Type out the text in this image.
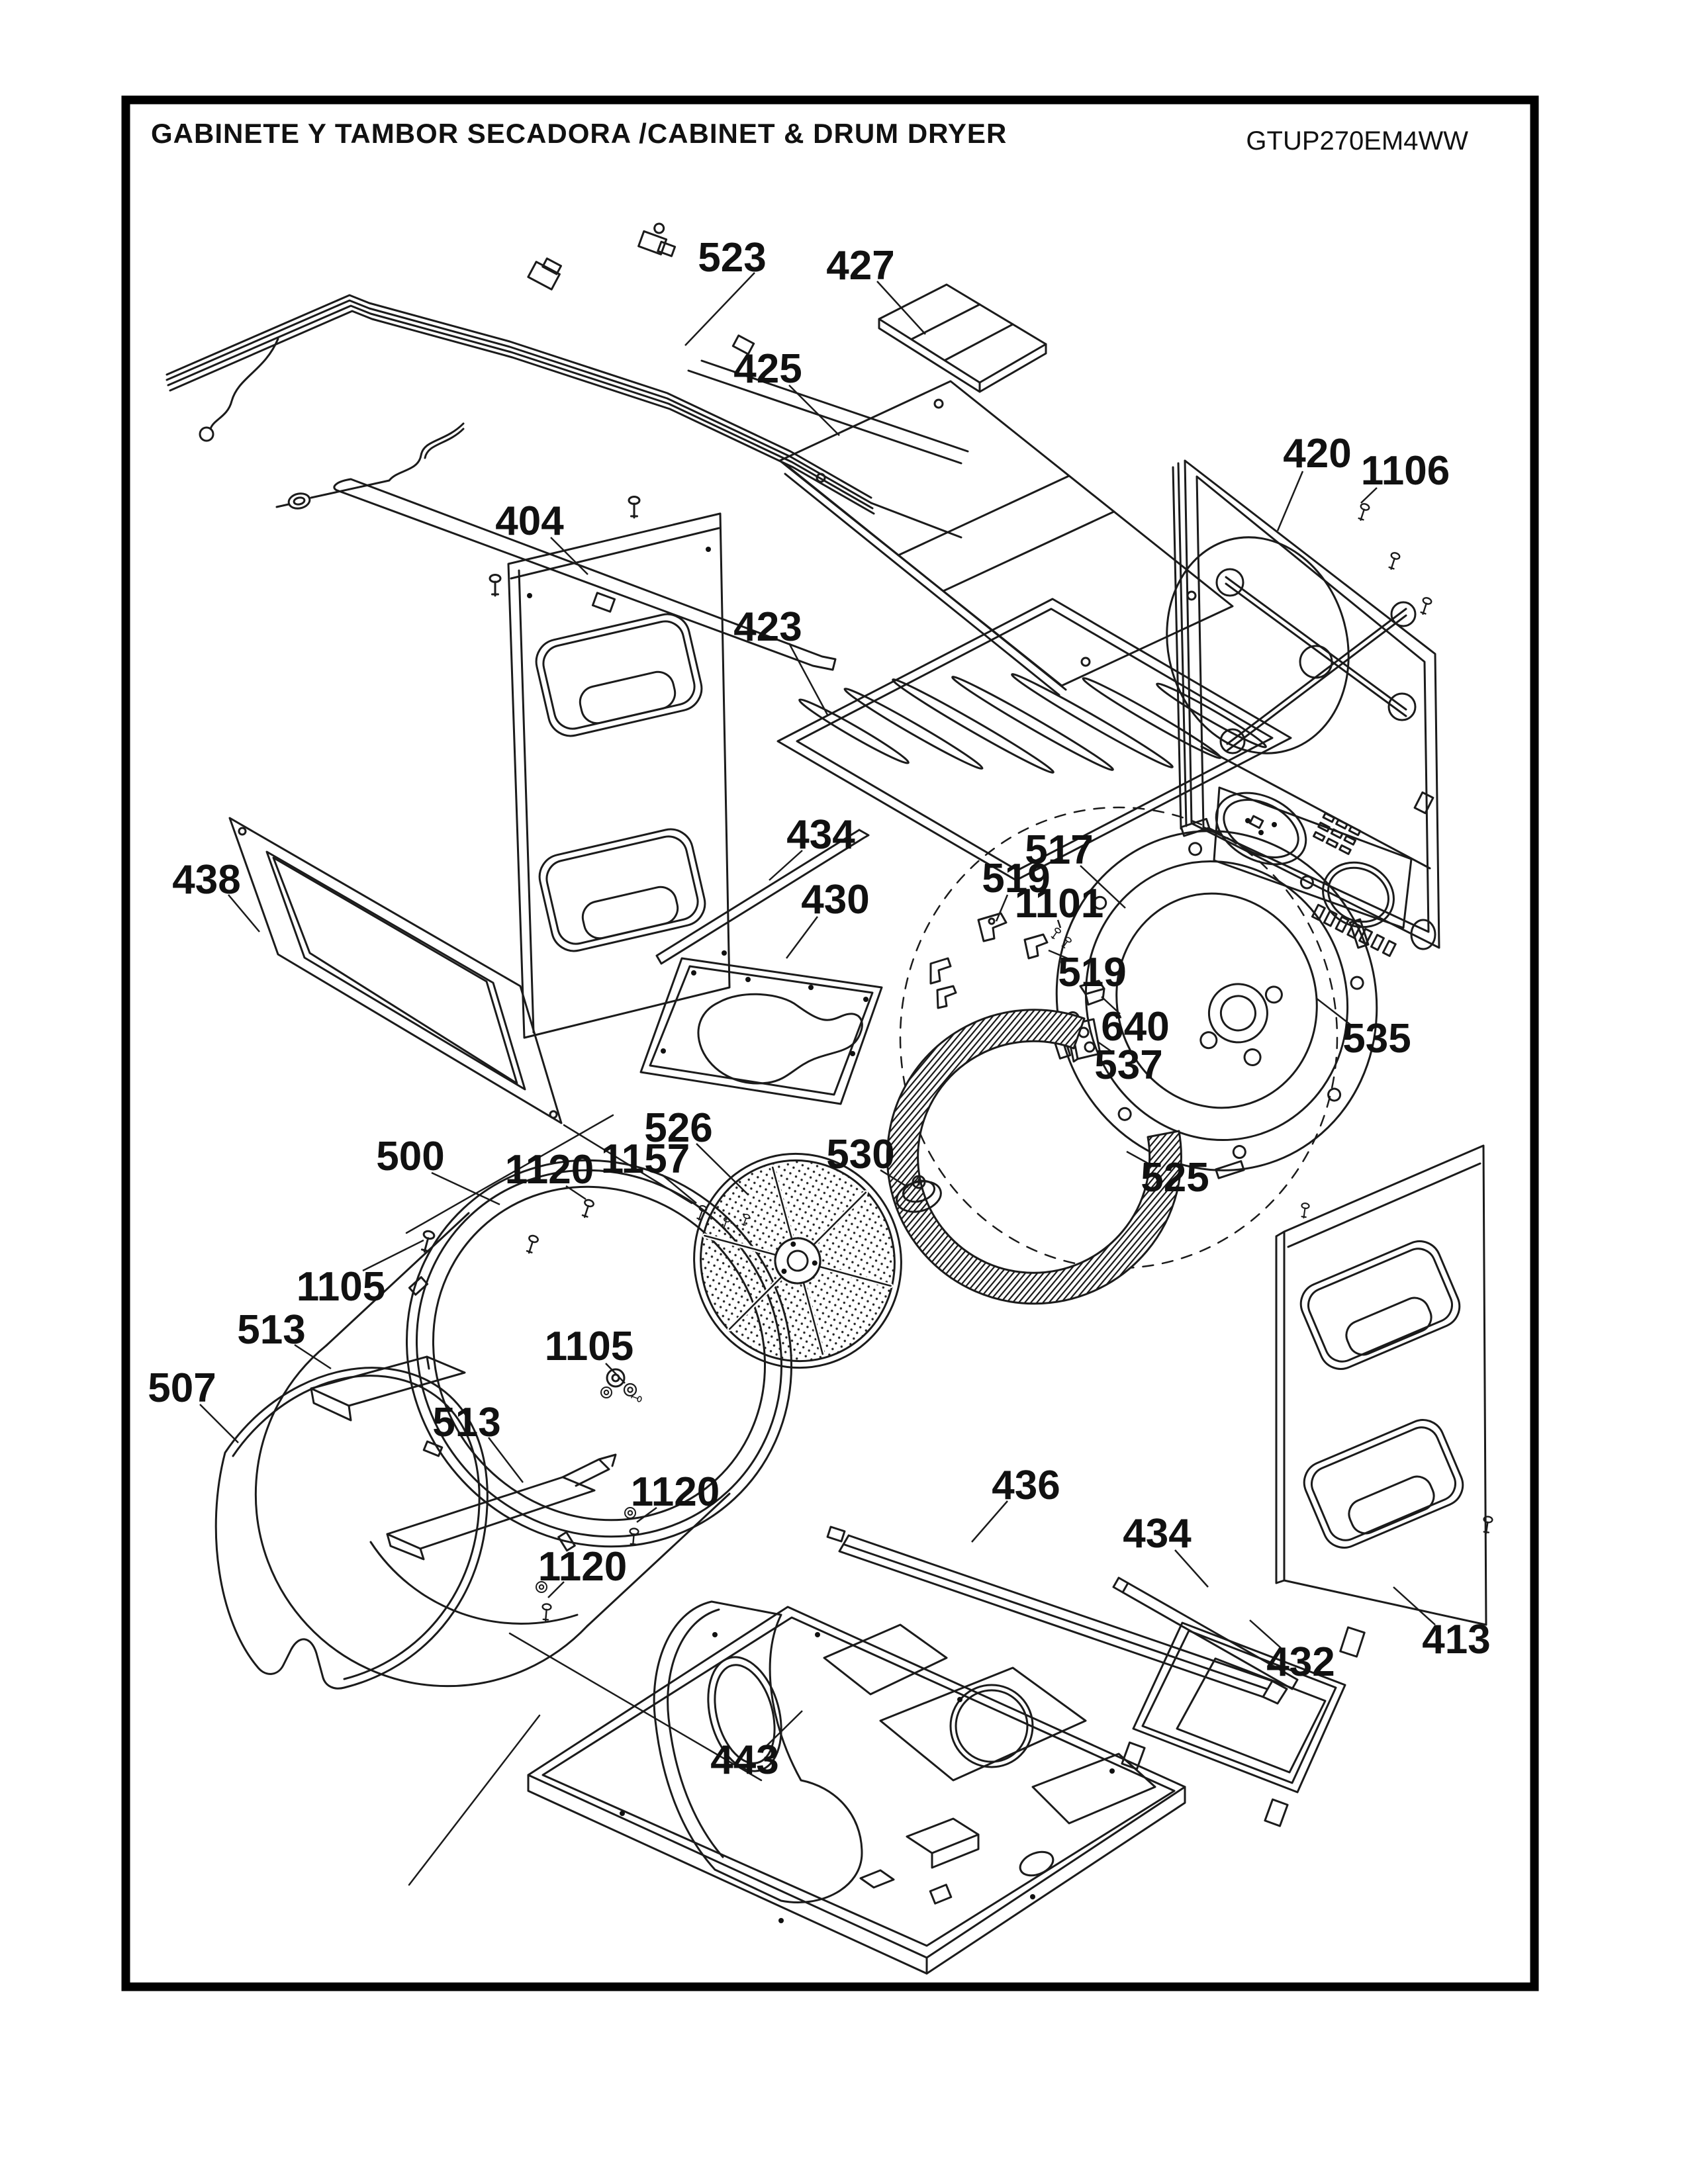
GABINETE Y TAMBOR SECADORA /CABINET & DRUM DRYER	GTUP270EM4WW
523 427
425
404
423
420 1106
438
434
430
517
519
1101
519
640
537
535
525
526
1157
1120
500	530
1105
513
507
1105
513
1120
1120
436
434
432 413
443
